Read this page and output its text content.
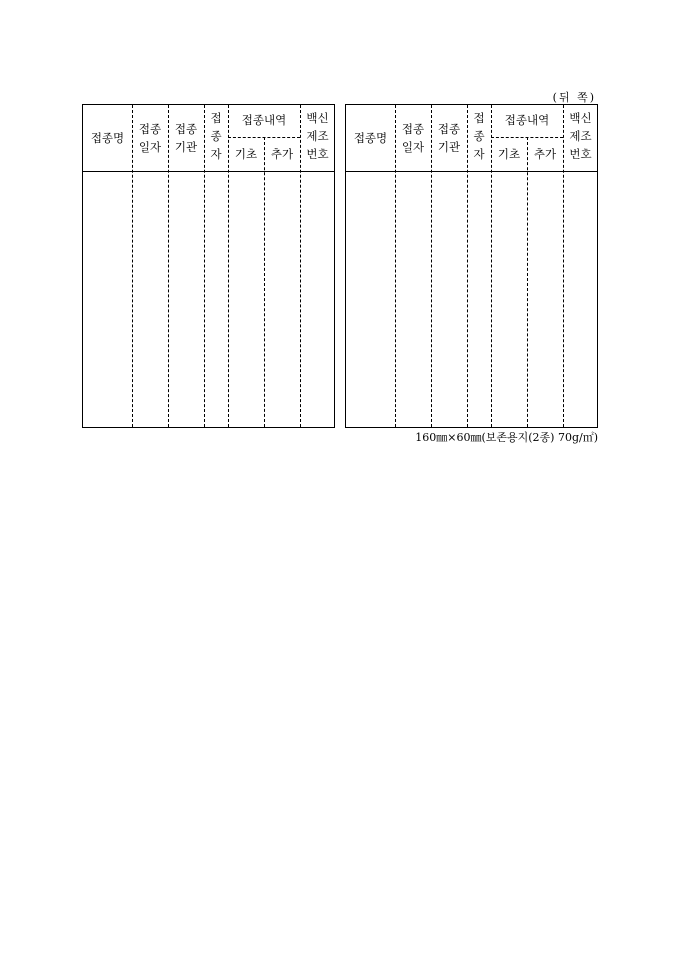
(뒤 쪽)
접종명
접종
일자
접종
기관
접
종
자
접종내역
기초	추가
백신
제조
번호
접종명
접종
일자
접종
기관
접
종
자
접종내역
기초	추가
백신
제조
번호
160㎜×60㎜(보존용지(2종) 70g/㎡)
